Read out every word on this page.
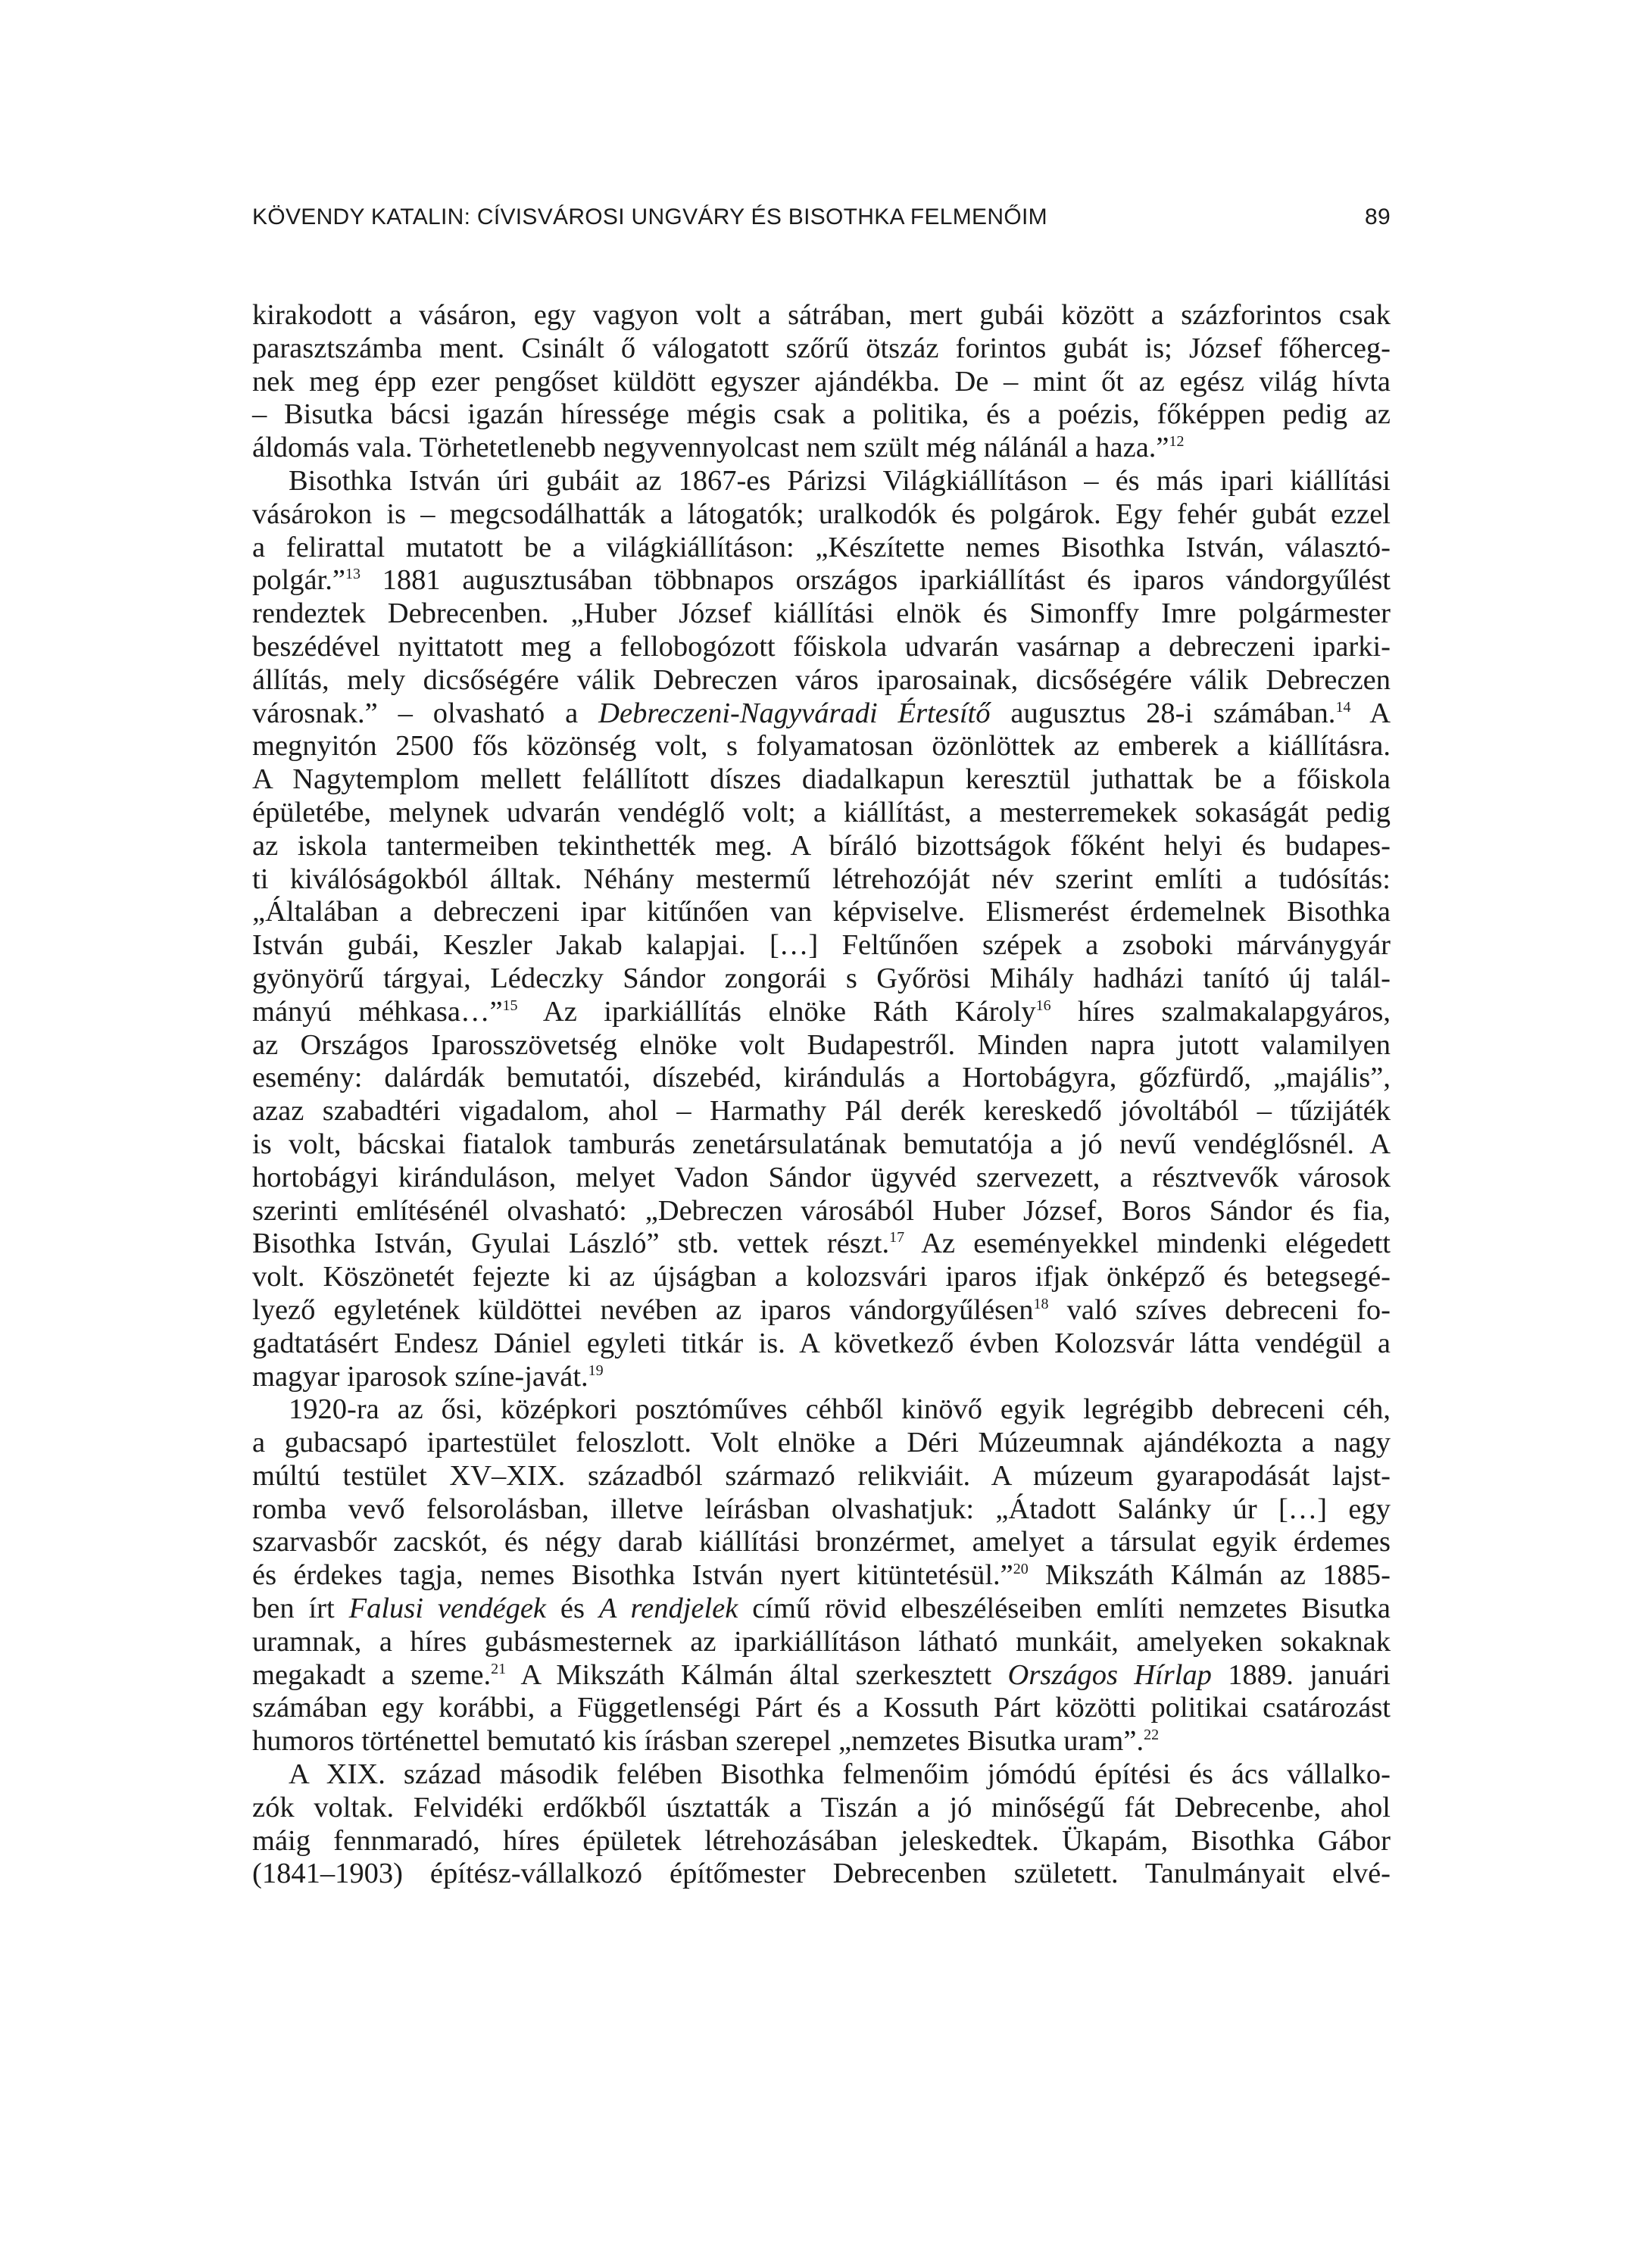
KÖVENDY KATALIN: CÍVISVÁROSI UNGVÁRY ÉS BISOTHKA FELMENŐIM	89
kirakodott a vásáron, egy vagyon volt a sátrában, mert gubái között a százforintos csak
parasztszámba ment. Csinált ő válogatott szőrű ötszáz forintos gubát is; József főherceg-
nek meg épp ezer pengőset küldött egyszer ajándékba. De – mint őt az egész világ hívta
– Bisutka bácsi igazán híressége mégis csak a politika, és a poézis, főképpen pedig az
áldomás vala. Törhetetlenebb negyvennyolcast nem szült még nálánál a haza.”$^{12}$
Bisothka István úri gubáit az 1867-es Párizsi Világkiállításon – és más ipari kiállítási
vásárokon is – megcsodálhatták a látogatók; uralkodók és polgárok. Egy fehér gubát ezzel
a felirattal mutatott be a világkiállításon: „Készítette nemes Bisothka István, választó-
polgár.”$^{13}$ 1881 augusztusában többnapos országos iparkiállítást és iparos vándorgyűlést
rendeztek Debrecenben. „Huber József kiállítási elnök és Simonffy Imre polgármester
beszédével nyittatott meg a fellobogózott főiskola udvarán vasárnap a debreczeni iparki-
állítás, mely dicsőségére válik Debreczen város iparosainak, dicsőségére válik Debreczen
városnak.” – olvasható a Debreczeni-Nagyváradi Értesítő augusztus 28-i számában.$^{14}$ A
megnyitón 2500 fős közönség volt, s folyamatosan özönlöttek az emberek a kiállításra.
A Nagytemplom mellett felállított díszes diadalkapun keresztül juthattak be a főiskola
épületébe, melynek udvarán vendéglő volt; a kiállítást, a mesterremekek sokaságát pedig
az iskola tantermeiben tekinthették meg. A bíráló bizottságok főként helyi és budapes-
ti kiválóságokból álltak. Néhány mestermű létrehozóját név szerint említi a tudósítás:
„Általában a debreczeni ipar kitűnően van képviselve. Elismerést érdemelnek Bisothka
István gubái, Keszler Jakab kalapjai. […] Feltűnően szépek a zsoboki márványgyár
gyönyörű tárgyai, Lédeczky Sándor zongorái s Győrösi Mihály hadházi tanító új talál-
mányú méhkasa…”$^{15}$ Az iparkiállítás elnöke Ráth Károly$^{16}$ híres szalmakalapgyáros,
az Országos Iparosszövetség elnöke volt Budapestről. Minden napra jutott valamilyen
esemény: dalárdák bemutatói, díszebéd, kirándulás a Hortobágyra, gőzfürdő, „majális”,
azaz szabadtéri vigadalom, ahol – Harmathy Pál derék kereskedő jóvoltából – tűzijáték
is volt, bácskai fiatalok tamburás zenetársulatának bemutatója a jó nevű vendéglősnél. A
hortobágyi kiránduláson, melyet Vadon Sándor ügyvéd szervezett, a résztvevők városok
szerinti említésénél olvasható: „Debreczen városából Huber József, Boros Sándor és fia,
Bisothka István, Gyulai László” stb. vettek részt.$^{17}$ Az eseményekkel mindenki elégedett
volt. Köszönetét fejezte ki az újságban a kolozsvári iparos ifjak önképző és betegsegé-
lyező egyletének küldöttei nevében az iparos vándorgyűlésen$^{18}$ való szíves debreceni fo-
gadtatásért Endesz Dániel egyleti titkár is. A következő évben Kolozsvár látta vendégül a
magyar iparosok színe-javát.$^{19}$
1920-ra az ősi, középkori posztóműves céhből kinövő egyik legrégibb debreceni céh,
a gubacsapó ipartestület feloszlott. Volt elnöke a Déri Múzeumnak ajándékozta a nagy
múltú testület XV–XIX. századból származó relikviáit. A múzeum gyarapodását lajst-
romba vevő felsorolásban, illetve leírásban olvashatjuk: „Átadott Salánky úr […] egy
szarvasbőr zacskót, és négy darab kiállítási bronzérmet, amelyet a társulat egyik érdemes
és érdekes tagja, nemes Bisothka István nyert kitüntetésül.”$^{20}$ Mikszáth Kálmán az 1885-
ben írt Falusi vendégek és A rendjelek című rövid elbeszéléseiben említi nemzetes Bisutka
uramnak, a híres gubásmesternek az iparkiállításon látható munkáit, amelyeken sokaknak
megakadt a szeme.$^{21}$ A Mikszáth Kálmán által szerkesztett Országos Hírlap 1889. januári
számában egy korábbi, a Függetlenségi Párt és a Kossuth Párt közötti politikai csatározást
humoros történettel bemutató kis írásban szerepel „nemzetes Bisutka uram”.$^{22}$
A XIX. század második felében Bisothka felmenőim jómódú építési és ács vállalko-
zók voltak. Felvidéki erdőkből úsztatták a Tiszán a jó minőségű fát Debrecenbe, ahol
máig fennmaradó, híres épületek létrehozásában jeleskedtek. Ükapám, Bisothka Gábor
(1841–1903) építész-vállalkozó építőmester Debrecenben született. Tanulmányait elvé-
